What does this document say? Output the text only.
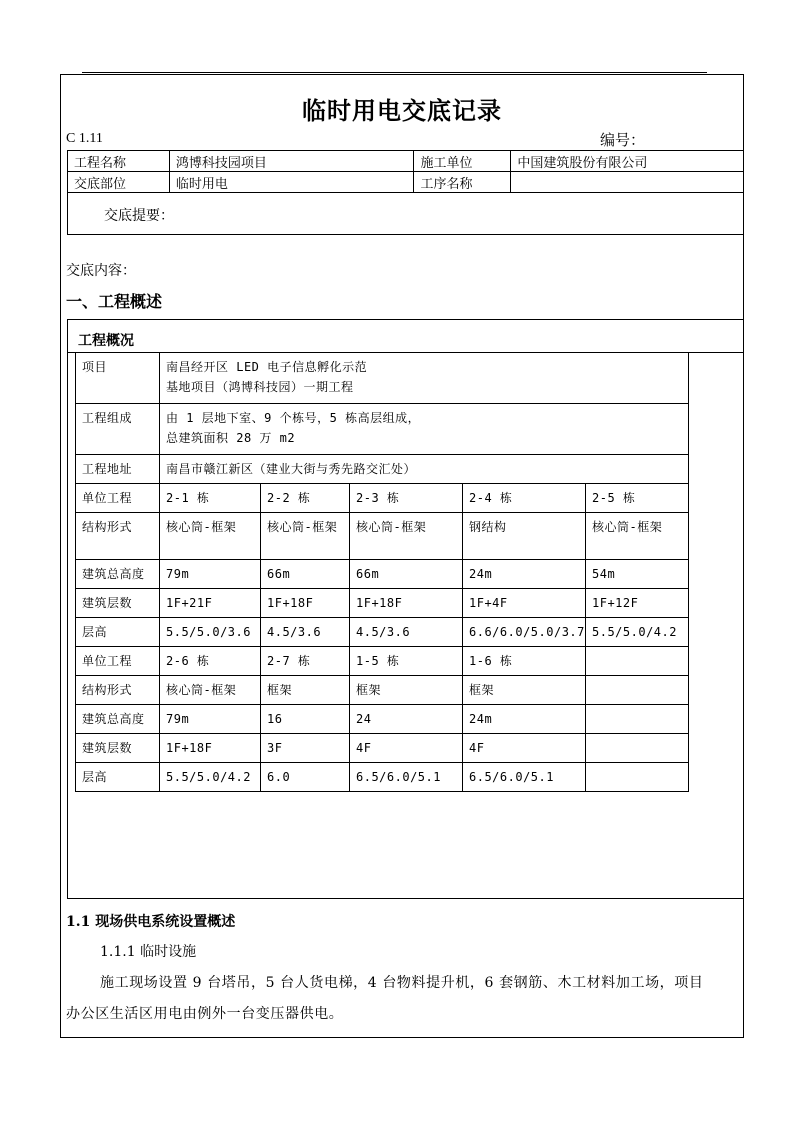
临时用电交底记录
C 1.11	编号：
工程名称	鸿博科技园项目	施工单位	中国建筑股份有限公司
交底部位	临时用电	工序名称	
交底提要：
交底内容：
一、工程概述
工程概况
项目	南昌经开区 LED 电子信息孵化示范
基地项目（鸿博科技园）一期工程				

工程组成	由 1 层地下室、9 个栋号，5 栋高层组成，
总建筑面积 28 万 m2				

工程地址	南昌市赣江新区（建业大街与秀先路交汇处）				
单位工程	2-1 栋	2-2 栋	2-3 栋	2-4 栋	2-5 栋
结构形式	核心筒-框架	核心筒-框架	核心筒-框架	钢结构	核心筒-框架
建筑总高度	79m	66m	66m	24m	54m
建筑层数	1F+21F	1F+18F	1F+18F	1F+4F	1F+12F
层高	5.5/5.0/3.6	4.5/3.6	4.5/3.6	6.6/6.0/5.0/3.7	5.5/5.0/4.2
单位工程	2-6 栋	2-7 栋	1-5 栋	1-6 栋	
结构形式	核心筒-框架	框架	框架	框架	
建筑总高度	79m	16	24	24m	
建筑层数	1F+18F	3F	4F	4F	
层高	5.5/5.0/4.2	6.0	6.5/6.0/5.1	6.5/6.0/5.1	
1.1 现场供电系统设置概述
1.1.1 临时设施
施工现场设置 9 台塔吊，5 台人货电梯，4 台物料提升机，6 套钢筋、木工材料加工场，项目
办公区生活区用电由例外一台变压器供电。
